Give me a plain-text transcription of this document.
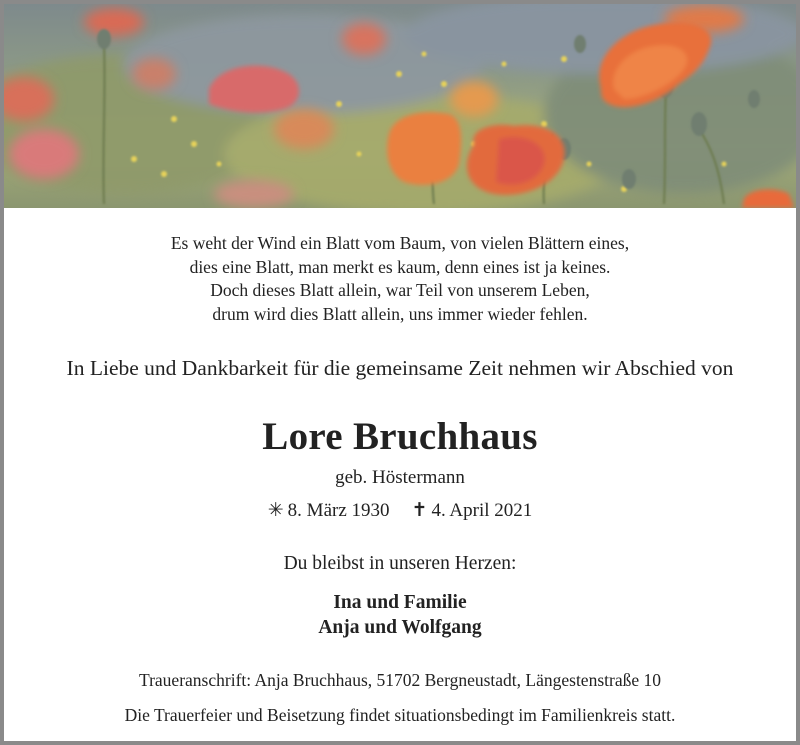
Es weht der Wind ein Blatt vom Baum, von vielen Blättern eines,
dies eine Blatt, man merkt es kaum, denn eines ist ja keines.
Doch dieses Blatt allein, war Teil von unserem Leben,
drum wird dies Blatt allein, uns immer wieder fehlen.
In Liebe und Dankbarkeit für die gemeinsame Zeit nehmen wir Abschied von
Lore Bruchhaus
geb. Höstermann
✳ 8. März 1930 ✝ 4. April 2021
Du bleibst in unseren Herzen:
Ina und Familie
Anja und Wolfgang
Traueranschrift: Anja Bruchhaus, 51702 Bergneustadt, Längestenstraße 10
Die Trauerfeier und Beisetzung findet situationsbedingt im Familienkreis statt.
